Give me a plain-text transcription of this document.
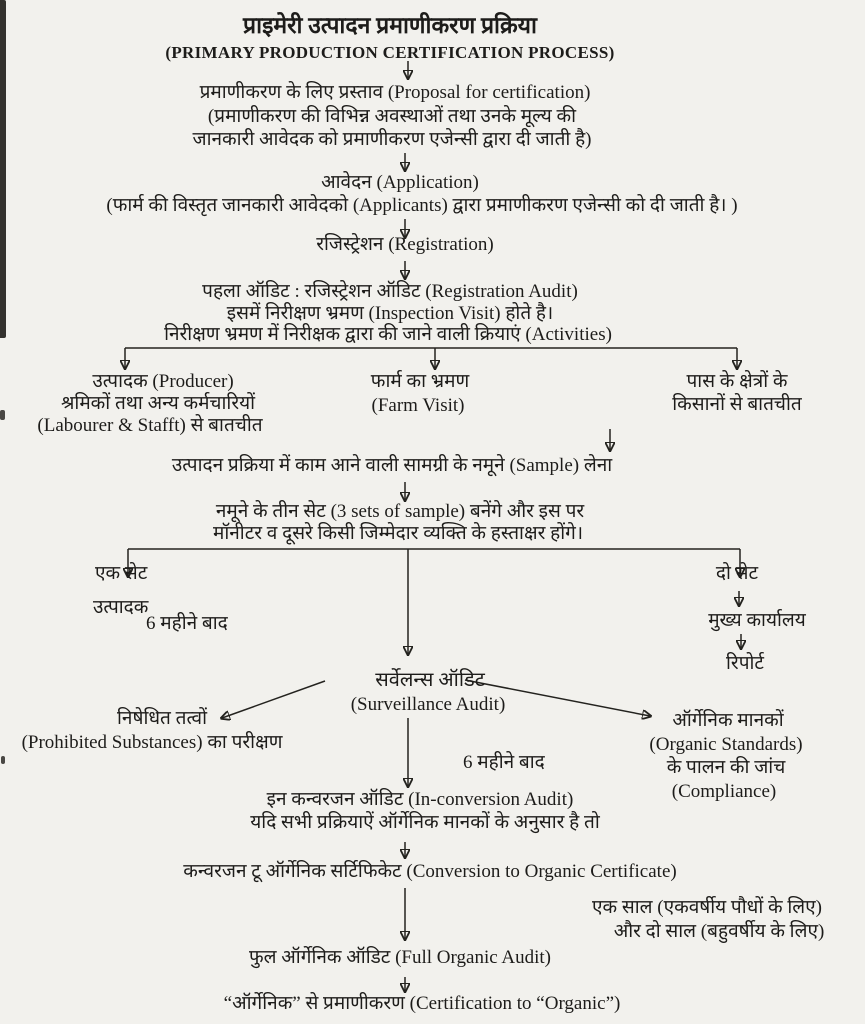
प्राइमेरी उत्पादन प्रमाणीकरण प्रक्रिया
(PRIMARY PRODUCTION CERTIFICATION PROCESS)
प्रमाणीकरण के लिए प्रस्ताव (Proposal for certification)
(प्रमाणीकरण की विभिन्न अवस्थाओं तथा उनके मूल्य की
जानकारी आवेदक को प्रमाणीकरण एजेन्सी द्वारा दी जाती है)
आवेदन (Application)
(फार्म की विस्तृत जानकारी आवेदको (Applicants) द्वारा प्रमाणीकरण एजेन्सी को दी जाती है। )
रजिस्ट्रेशन (Registration)
पहला ऑडिट : रजिस्ट्रेशन ऑडिट (Registration Audit)
इसमें निरीक्षण भ्रमण (Inspection Visit) होते है।
निरीक्षण भ्रमण में निरीक्षक द्वारा की जाने वाली क्रियाएं (Activities)
उत्पादक (Producer)
श्रमिकों तथा अन्य कर्मचारियों
(Labourer & Stafft) से बातचीत
फार्म का भ्रमण
(Farm Visit)
पास के क्षेत्रों के
किसानों से बातचीत
उत्पादन प्रक्रिया में काम आने वाली सामग्री के नमूने (Sample) लेना
नमूने के तीन सेट (3 sets of sample) बनेंगे और इस पर
मॉनीटर व दूसरे किसी जिम्मेदार व्यक्ति के हस्ताक्षर होंगे।
एक सेट
उत्पादक
6 महीने बाद
दो सेट
मुख्य कार्यालय
रिपोर्ट
सर्वेलन्स ऑडिट
(Surveillance Audit)
निषेधित तत्वों
(Prohibited Substances) का परीक्षण
ऑर्गेनिक मानकों
(Organic Standards)
के पालन की जांच
(Compliance)
6 महीने बाद
इन कन्वरजन ऑडिट (In-conversion Audit)
यदि सभी प्रक्रियाऐं ऑर्गेनिक मानकों के अनुसार है तो
कन्वरजन टू ऑर्गेनिक सर्टिफिकेट (Conversion to Organic Certificate)
एक साल (एकवर्षीय पौधों के लिए)
और दो साल (बहुवर्षीय के लिए)
फुल ऑर्गेनिक ऑडिट (Full Organic Audit)
“ऑर्गेनिक” से प्रमाणीकरण (Certification to “Organic”)
